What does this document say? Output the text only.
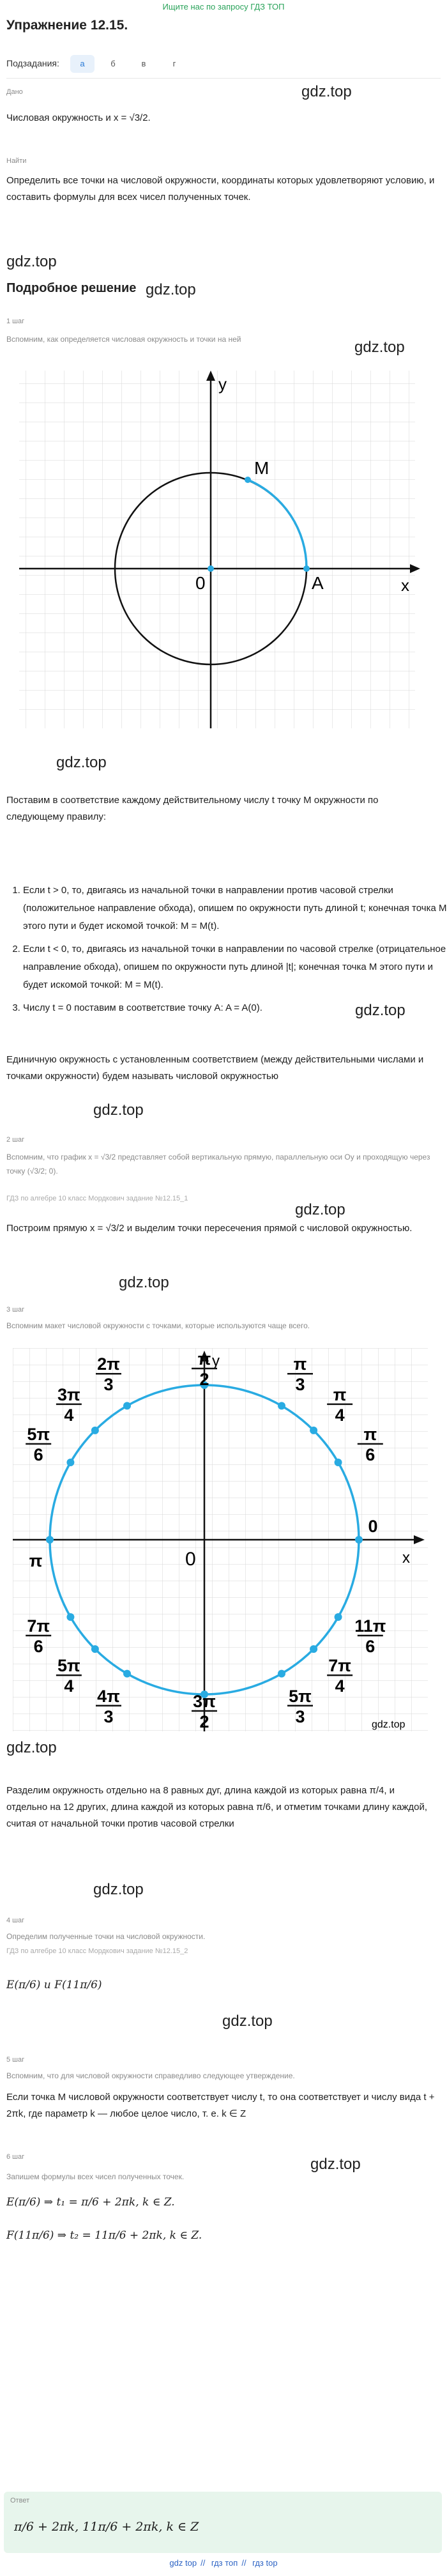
Ищите нас по запросу ГДЗ ТОП
Упражнение 12.15.
Подзадания:	а	б	в	г
Дано	gdz.top
Числовая окружность и x = √3/2.
Найти
Определить все точки на числовой окружности, координаты которых удовлетворяют условию, и составить формулы для всех чисел полученных точек.
gdz.top
Подробное решение gdz.top
1 шаг
Вспомним, как определяется числовая окружность и точки на ней	gdz.top
y
x
M
0	A
gdz.top
Поставим в соответствие каждому действительному числу t точку M окружности по следующему правилу:
1. Если t > 0, то, двигаясь из начальной точки в направлении против часовой стрелки (положительное направление обхода), опишем по окружности путь длиной t; конечная точка M этого пути и будет искомой точкой: M = M(t).
2. Если t < 0, то, двигаясь из начальной точки в направлении по часовой стрелке (отрицательное направление обхода), опишем по окружности путь длиной |t|; конечная точка M этого пути и будет искомой точкой: M = M(t).
3. Числу t = 0 поставим в соответствие точку A: A = A(0).	gdz.top
Единичную окружность с установленным соответствием (между действительными числами и точками окружности) будем называть числовой окружностью
gdz.top
2 шаг
Вспомним, что график x = √3/2 представляет собой вертикальную прямую, параллельную оси Oy и проходящую через точку (√3/2; 0).
ГДЗ по алгебре 10 класс Мордкович задание №12.15_1
gdz.top
Построим прямую x = √3/2 и выделим точки пересечения прямой с числовой окружностью.
gdz.top
3 шаг
Вспомним макет числовой окружности с точками, которые используются чаще всего.
y
x
0
gdz.top
π
2
π
3
π
4
π
6
0
2π
3
3π
4
5π
6
π
7π
6
5π
4
4π
3
3π
2
5π
3
7π
4
11π
6
gdz.top
Разделим окружность отдельно на 8 равных дуг, длина каждой из которых равна π/4, и отдельно на 12 других, длина каждой из которых равна π/6, и отметим точками длину каждой, считая от начальной точки против часовой стрелки
gdz.top
4 шаг
Определим полученные точки на числовой окружности.
ГДЗ по алгебре 10 класс Мордкович задание №12.15_2
E(π/6) и F(11π/6)
gdz.top
5 шаг
Вспомним, что для числовой окружности справедливо следующее утверждение.
Если точка M числовой окружности соответствует числу t, то она соответствует и числу вида t + 2πk, где параметр k — любое целое число, т. е. k ∈ Z
6 шаг	gdz.top
Запишем формулы всех чисел полученных точек.
E(π/6) ⇒ t₁ = π/6 + 2πk, k ∈ Z.
F(11π/6) ⇒ t₂ = 11π/6 + 2πk, k ∈ Z.
Ответ
π/6 + 2πk, 11π/6 + 2πk, k ∈ Z
gdz top // гдз топ // гдз top
